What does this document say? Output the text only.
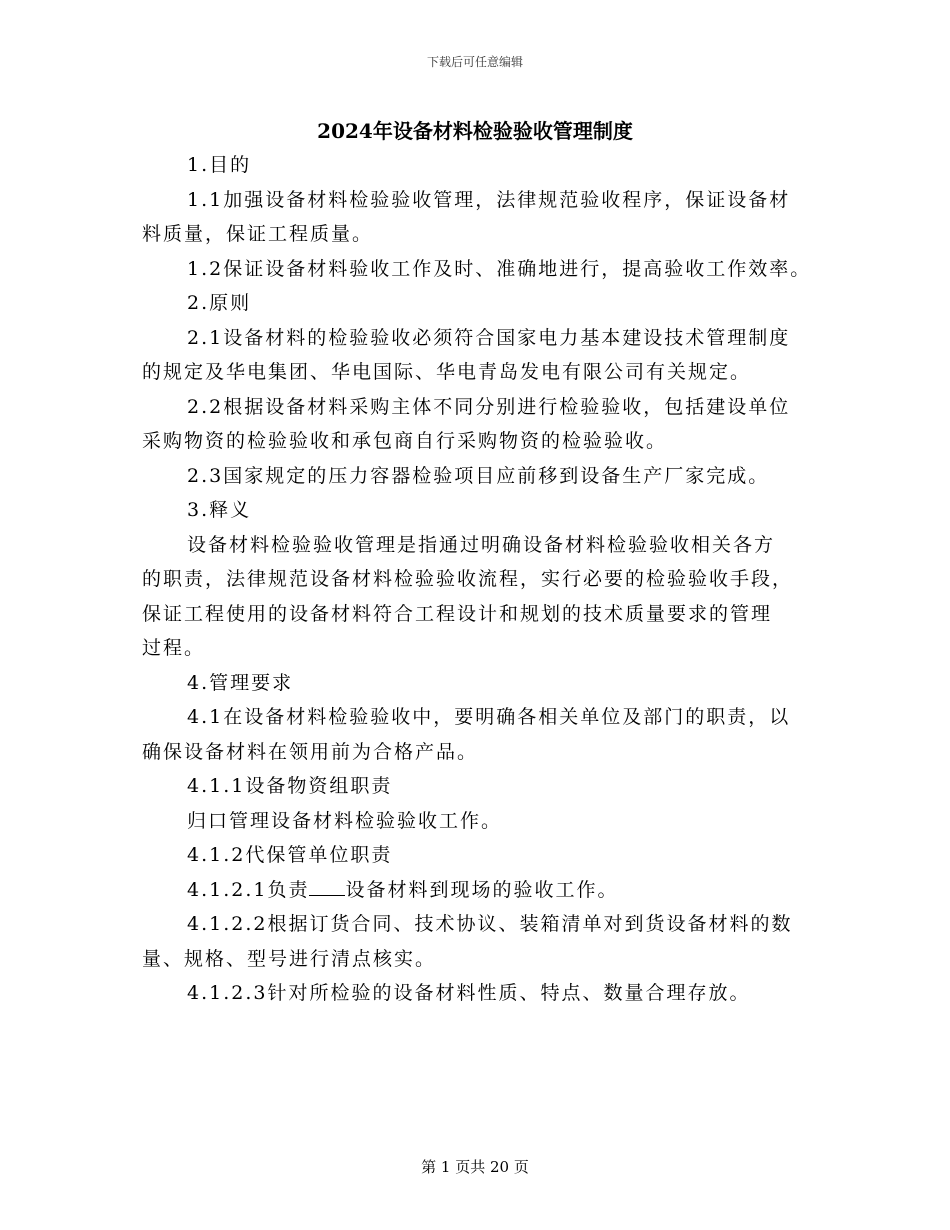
下载后可任意编辑
2024年设备材料检验验收管理制度

1.目的

1.1加强设备材料检验验收管理，法律规范验收程序，保证设备材
料质量，保证工程质量。

1.2保证设备材料验收工作及时、准确地进行，提高验收工作效率。

2.原则

2.1设备材料的检验验收必须符合国家电力基本建设技术管理制度
的规定及华电集团、华电国际、华电青岛发电有限公司有关规定。

2.2根据设备材料采购主体不同分别进行检验验收，包括建设单位
采购物资的检验验收和承包商自行采购物资的检验验收。

2.3国家规定的压力容器检验项目应前移到设备生产厂家完成。

3.释义

设备材料检验验收管理是指通过明确设备材料检验验收相关各方
的职责，法律规范设备材料检验验收流程，实行必要的检验验收手段，
保证工程使用的设备材料符合工程设计和规划的技术质量要求的管理
过程。

4.管理要求

4.1在设备材料检验验收中，要明确各相关单位及部门的职责，以
确保设备材料在领用前为合格产品。

4.1.1设备物资组职责

归口管理设备材料检验验收工作。

4.1.2代保管单位职责

4.1.2.1负责 设备材料到现场的验收工作。

4.1.2.2根据订货合同、技术协议、装箱清单对到货设备材料的数
量、规格、型号进行清点核实。

4.1.2.3针对所检验的设备材料性质、特点、数量合理存放。

第 1 页共 20 页
